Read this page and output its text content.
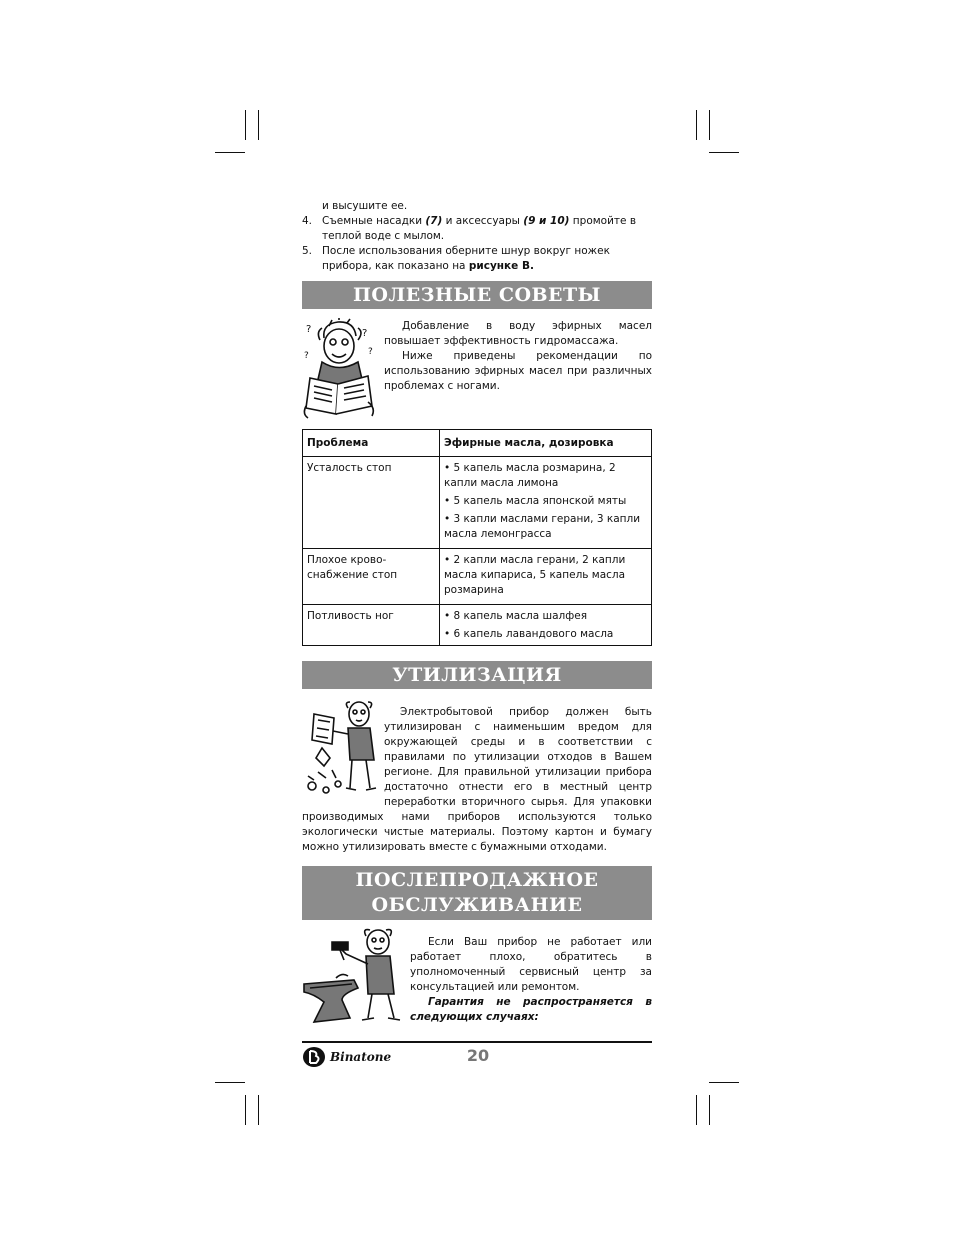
и высушите ее.
4. Съемные насадки (7) и аксессуары (9 и 10) промойте в теплой воде с мылом.
5. После использования оберните шнур вокруг ножек прибора, как показано на рисунке В.
ПОЛЕЗНЫЕ СОВЕТЫ
?	?
?
?
Добавление в воду эфирных масел повышает эффективность гидромассажа.
Ниже приведены рекомендации по использованию эфирных масел при различных проблемах с ногами.
Проблема	Эфирные масла, дозировка
Усталость стоп	• 5 капель масла розмарина, 2 капли масла лимона
• 5 капель масла японской мяты
• 3 капли маслами герани, 3 капли масла лемонграсса

Плохое крово-снабжение стоп	• 2 капли масла герани, 2 капли масла кипариса, 5 капель масла розмарина

Потливость ног	• 8 капель масла шалфея
• 6 капель лавандового масла
УТИЛИЗАЦИЯ
Электробытовой прибор должен быть утилизирован с наименьшим вредом для окружающей среды и в соответствии с правилами по утилизации отходов в Вашем регионе. Для правильной утилизации прибора достаточно отнести его в местный центр переработки вторичного сырья. Для упаковки производимых нами приборов используются только экологически чистые материалы. Поэтому картон и бумагу можно утилизировать вместе с бумажными отходами.
ПОСЛЕПРОДАЖНОЕ
ОБСЛУЖИВАНИЕ
Если Ваш прибор не работает или работает плохо, обратитесь в уполномоченный сервисный центр за консультацией или ремонтом.
Гарантия не распространяется в следующих случаях:
Binatone	20
